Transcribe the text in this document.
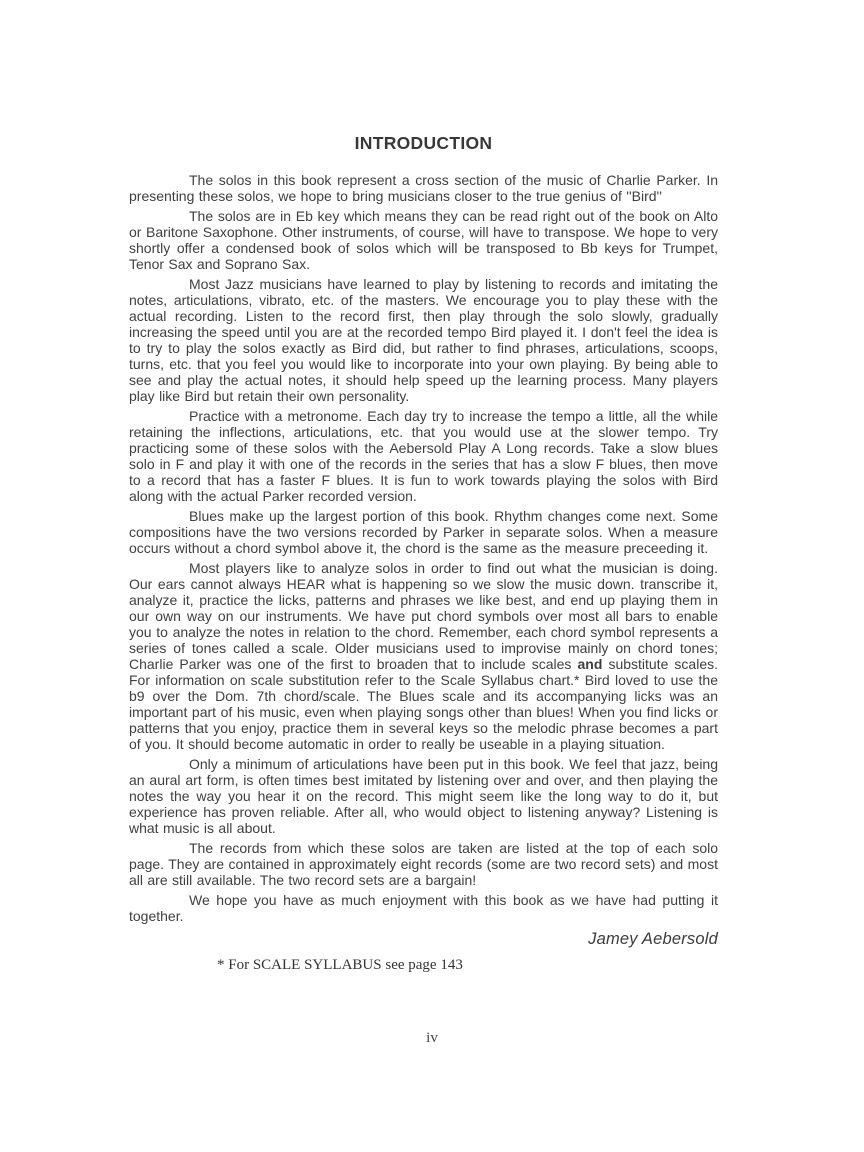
INTRODUCTION

The solos in this book represent a cross section of the music of Charlie Parker. In presenting these solos, we hope to bring musicians closer to the true genius of ''Bird''

The solos are in Eb key which means they can be read right out of the book on Alto or Baritone Saxophone. Other instruments, of course, will have to transpose. We hope to very shortly offer a condensed book of solos which will be transposed to Bb keys for Trumpet, Tenor Sax and Soprano Sax.

Most Jazz musicians have learned to play by listening to records and imitating the notes, articulations, vibrato, etc. of the masters. We encourage you to play these with the actual recording. Listen to the record first, then play through the solo slowly, gradually increasing the speed until you are at the recorded tempo Bird played it. I don't feel the idea is to try to play the solos exactly as Bird did, but rather to find phrases, articulations, scoops, turns, etc. that you feel you would like to incorporate into your own playing. By being able to see and play the actual notes, it should help speed up the learning process. Many players play like Bird but retain their own personality.

Practice with a metronome. Each day try to increase the tempo a little, all the while retaining the inflections, articulations, etc. that you would use at the slower tempo. Try practicing some of these solos with the Aebersold Play A Long records. Take a slow blues solo in F and play it with one of the records in the series that has a slow F blues, then move to a record that has a faster F blues. It is fun to work towards playing the solos with Bird along with the actual Parker recorded version.

Blues make up the largest portion of this book. Rhythm changes come next. Some compositions have the two versions recorded by Parker in separate solos. When a measure occurs without a chord symbol above it, the chord is the same as the measure preceeding it.

Most players like to analyze solos in order to find out what the musician is doing. Our ears cannot always HEAR what is happening so we slow the music down. transcribe it, analyze it, practice the licks, patterns and phrases we like best, and end up playing them in our own way on our instruments. We have put chord symbols over most all bars to enable you to analyze the notes in relation to the chord. Remember, each chord symbol represents a series of tones called a scale. Older musicians used to improvise mainly on chord tones; Charlie Parker was one of the first to broaden that to include scales and substitute scales. For information on scale substitution refer to the Scale Syllabus chart.* Bird loved to use the b9 over the Dom. 7th chord/scale. The Blues scale and its accompanying licks was an important part of his music, even when playing songs other than blues! When you find licks or patterns that you enjoy, practice them in several keys so the melodic phrase becomes a part of you. It should become automatic in order to really be useable in a playing situation.

Only a minimum of articulations have been put in this book. We feel that jazz, being an aural art form, is often times best imitated by listening over and over, and then playing the notes the way you hear it on the record. This might seem like the long way to do it, but experience has proven reliable. After all, who would object to listening anyway? Listening is what music is all about.

The records from which these solos are taken are listed at the top of each solo page. They are contained in approximately eight records (some are two record sets) and most all are still available. The two record sets are a bargain!

We hope you have as much enjoyment with this book as we have had putting it together.

Jamey Aebersold
* For SCALE SYLLABUS see page 143
iv
